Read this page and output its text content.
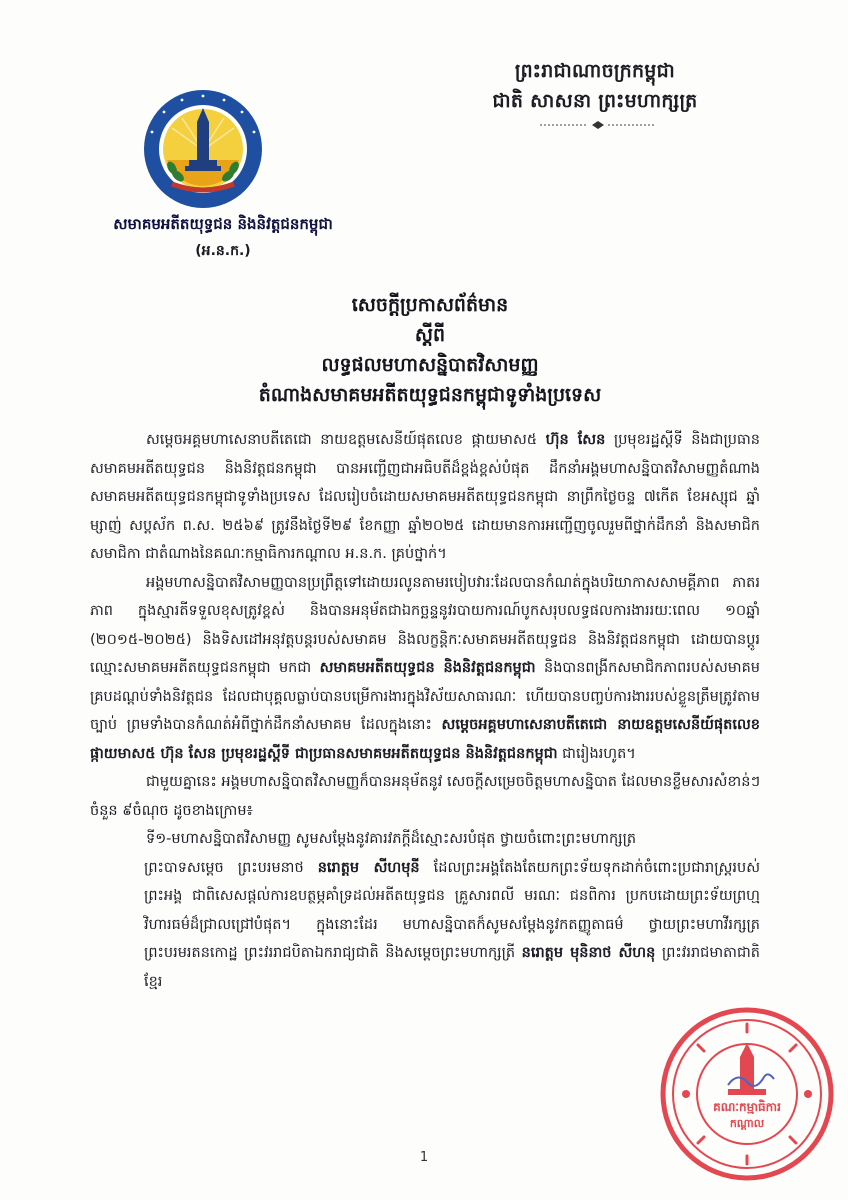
ព្រះរាជាណាចក្រកម្ពុជា
ជាតិ សាសនា ព្រះមហាក្សត្រ
សមាគមអតីតយុទ្ធជន និងនិវត្តជនកម្ពុជា
(អ.ន.ក.)
សេចក្តីប្រកាសព័ត៌មាន
ស្តីពី
លទ្ធផលមហាសន្និបាតវិសាមញ្ញ
តំណាងសមាគមអតីតយុទ្ធជនកម្ពុជាទូទាំងប្រទេស

សម្តេចអគ្គមហាសេនាបតីតេជោ នាយឧត្តមសេនីយ៍ផុតលេខ ផ្កាយមាស៥ ហ៊ុន សែន ប្រមុខរដ្ឋស្តីទី និងជាប្រធានសមាគមអតីតយុទ្ធជន និងនិវត្តជនកម្ពុជា បានអញ្ជើញជាអធិបតីដ៏ខ្ពង់ខ្ពស់បំផុត ដឹកនាំអង្គមហាសន្និបាតវិសាមញ្ញតំណាងសមាគមអតីតយុទ្ធជនកម្ពុជាទូទាំងប្រទេស ដែលរៀបចំដោយសមាគមអតីតយុទ្ធជនកម្ពុជា នាព្រឹកថ្ងៃចន្ទ ៧កើត ខែអស្សុជ ឆ្នាំម្សាញ់ សប្តស័ក ព.ស. ២៥៦៩ ត្រូវនឹងថ្ងៃទី២៩ ខែកញ្ញា ឆ្នាំ២០២៥ ដោយមានការអញ្ជើញចូលរួមពីថ្នាក់ដឹកនាំ និងសមាជិក សមាជិកា ជាតំណាងនៃគណៈកម្មាធិការកណ្តាល អ.ន.ក. គ្រប់ថ្នាក់។

អង្គមហាសន្និបាតវិសាមញ្ញបានប្រព្រឹត្តទៅដោយរលូនតាមរបៀបវារៈដែលបានកំណត់ក្នុងបរិយាកាសសាមគ្គីភាព ភាតរភាព ក្នុងស្មារតីទទួលខុសត្រូវខ្ពស់ និងបានអនុម័តជាឯកច្ឆន្ទនូវរបាយការណ៍បូកសរុបលទ្ធផលការងាររយៈពេល ១០ឆ្នាំ (២០១៥-២០២៥) និងទិសដៅអនុវត្តបន្តរបស់សមាគម និងលក្ខន្តិកៈសមាគមអតីតយុទ្ធជន និងនិវត្តជនកម្ពុជា ដោយបានប្តូរឈ្មោះសមាគមអតីតយុទ្ធជនកម្ពុជា មកជា សមាគមអតីតយុទ្ធជន និងនិវត្តជនកម្ពុជា និងបានពង្រីកសមាជិកភាពរបស់សមាគមគ្របដណ្តប់ទាំងនិវត្តជន ដែលជាបុគ្គលធ្លាប់បានបម្រើការងារក្នុងវិស័យសាធារណៈ ហើយបានបញ្ចប់ការងាររបស់ខ្លួនត្រឹមត្រូវតាមច្បាប់ ព្រមទាំងបានកំណត់អំពីថ្នាក់ដឹកនាំសមាគម ដែលក្នុងនោះ សម្តេចអគ្គមហាសេនាបតីតេជោ នាយឧត្តមសេនីយ៍ផុតលេខ ផ្កាយមាស៥ ហ៊ុន សែន ប្រមុខរដ្ឋស្តីទី ជាប្រធានសមាគមអតីតយុទ្ធជន និងនិវត្តជនកម្ពុជា ជារៀងរហូត។

ជាមួយគ្នានេះ អង្គមហាសន្និបាតវិសាមញ្ញក៏បានអនុម័តនូវ សេចក្តីសម្រេចចិត្តមហាសន្និបាត ដែលមានខ្លឹមសារសំខាន់ៗចំនួន ៩ចំណុច ដូចខាងក្រោម៖

ទី១-មហាសន្និបាតវិសាមញ្ញ សូមសម្តែងនូវគារវភក្តីដ៏ស្មោះសរបំផុត ថ្វាយចំពោះព្រះមហាក្សត្រ

ព្រះបាទសម្តេច ព្រះបរមនាថ នរោត្តម សីហមុនី ដែលព្រះអង្គតែងតែយកព្រះទ័យទុកដាក់ចំពោះប្រជារាស្ត្ររបស់ព្រះអង្គ ជាពិសេសផ្តល់ការឧបត្ថម្ភគាំទ្រដល់អតីតយុទ្ធជន គ្រួសារពលី មរណៈ ជនពិការ ប្រកបដោយព្រះទ័យព្រហ្មវិហារធម៌ដ៏ជ្រាលជ្រៅបំផុត។ ក្នុងនោះដែរ មហាសន្និបាតក៏សូមសម្តែងនូវកតញ្ញូតាធម៌ ថ្វាយព្រះមហាវីរក្សត្រ ព្រះបរមរតនកោដ្ឋ ព្រះវររាជបិតាឯករាជ្យជាតិ និងសម្តេចព្រះមហាក្សត្រី នរោត្តម មុនិនាថ សីហនុ ព្រះវររាជមាតាជាតិខ្មែរ

1
គណៈកម្មាធិការ
កណ្តាល
